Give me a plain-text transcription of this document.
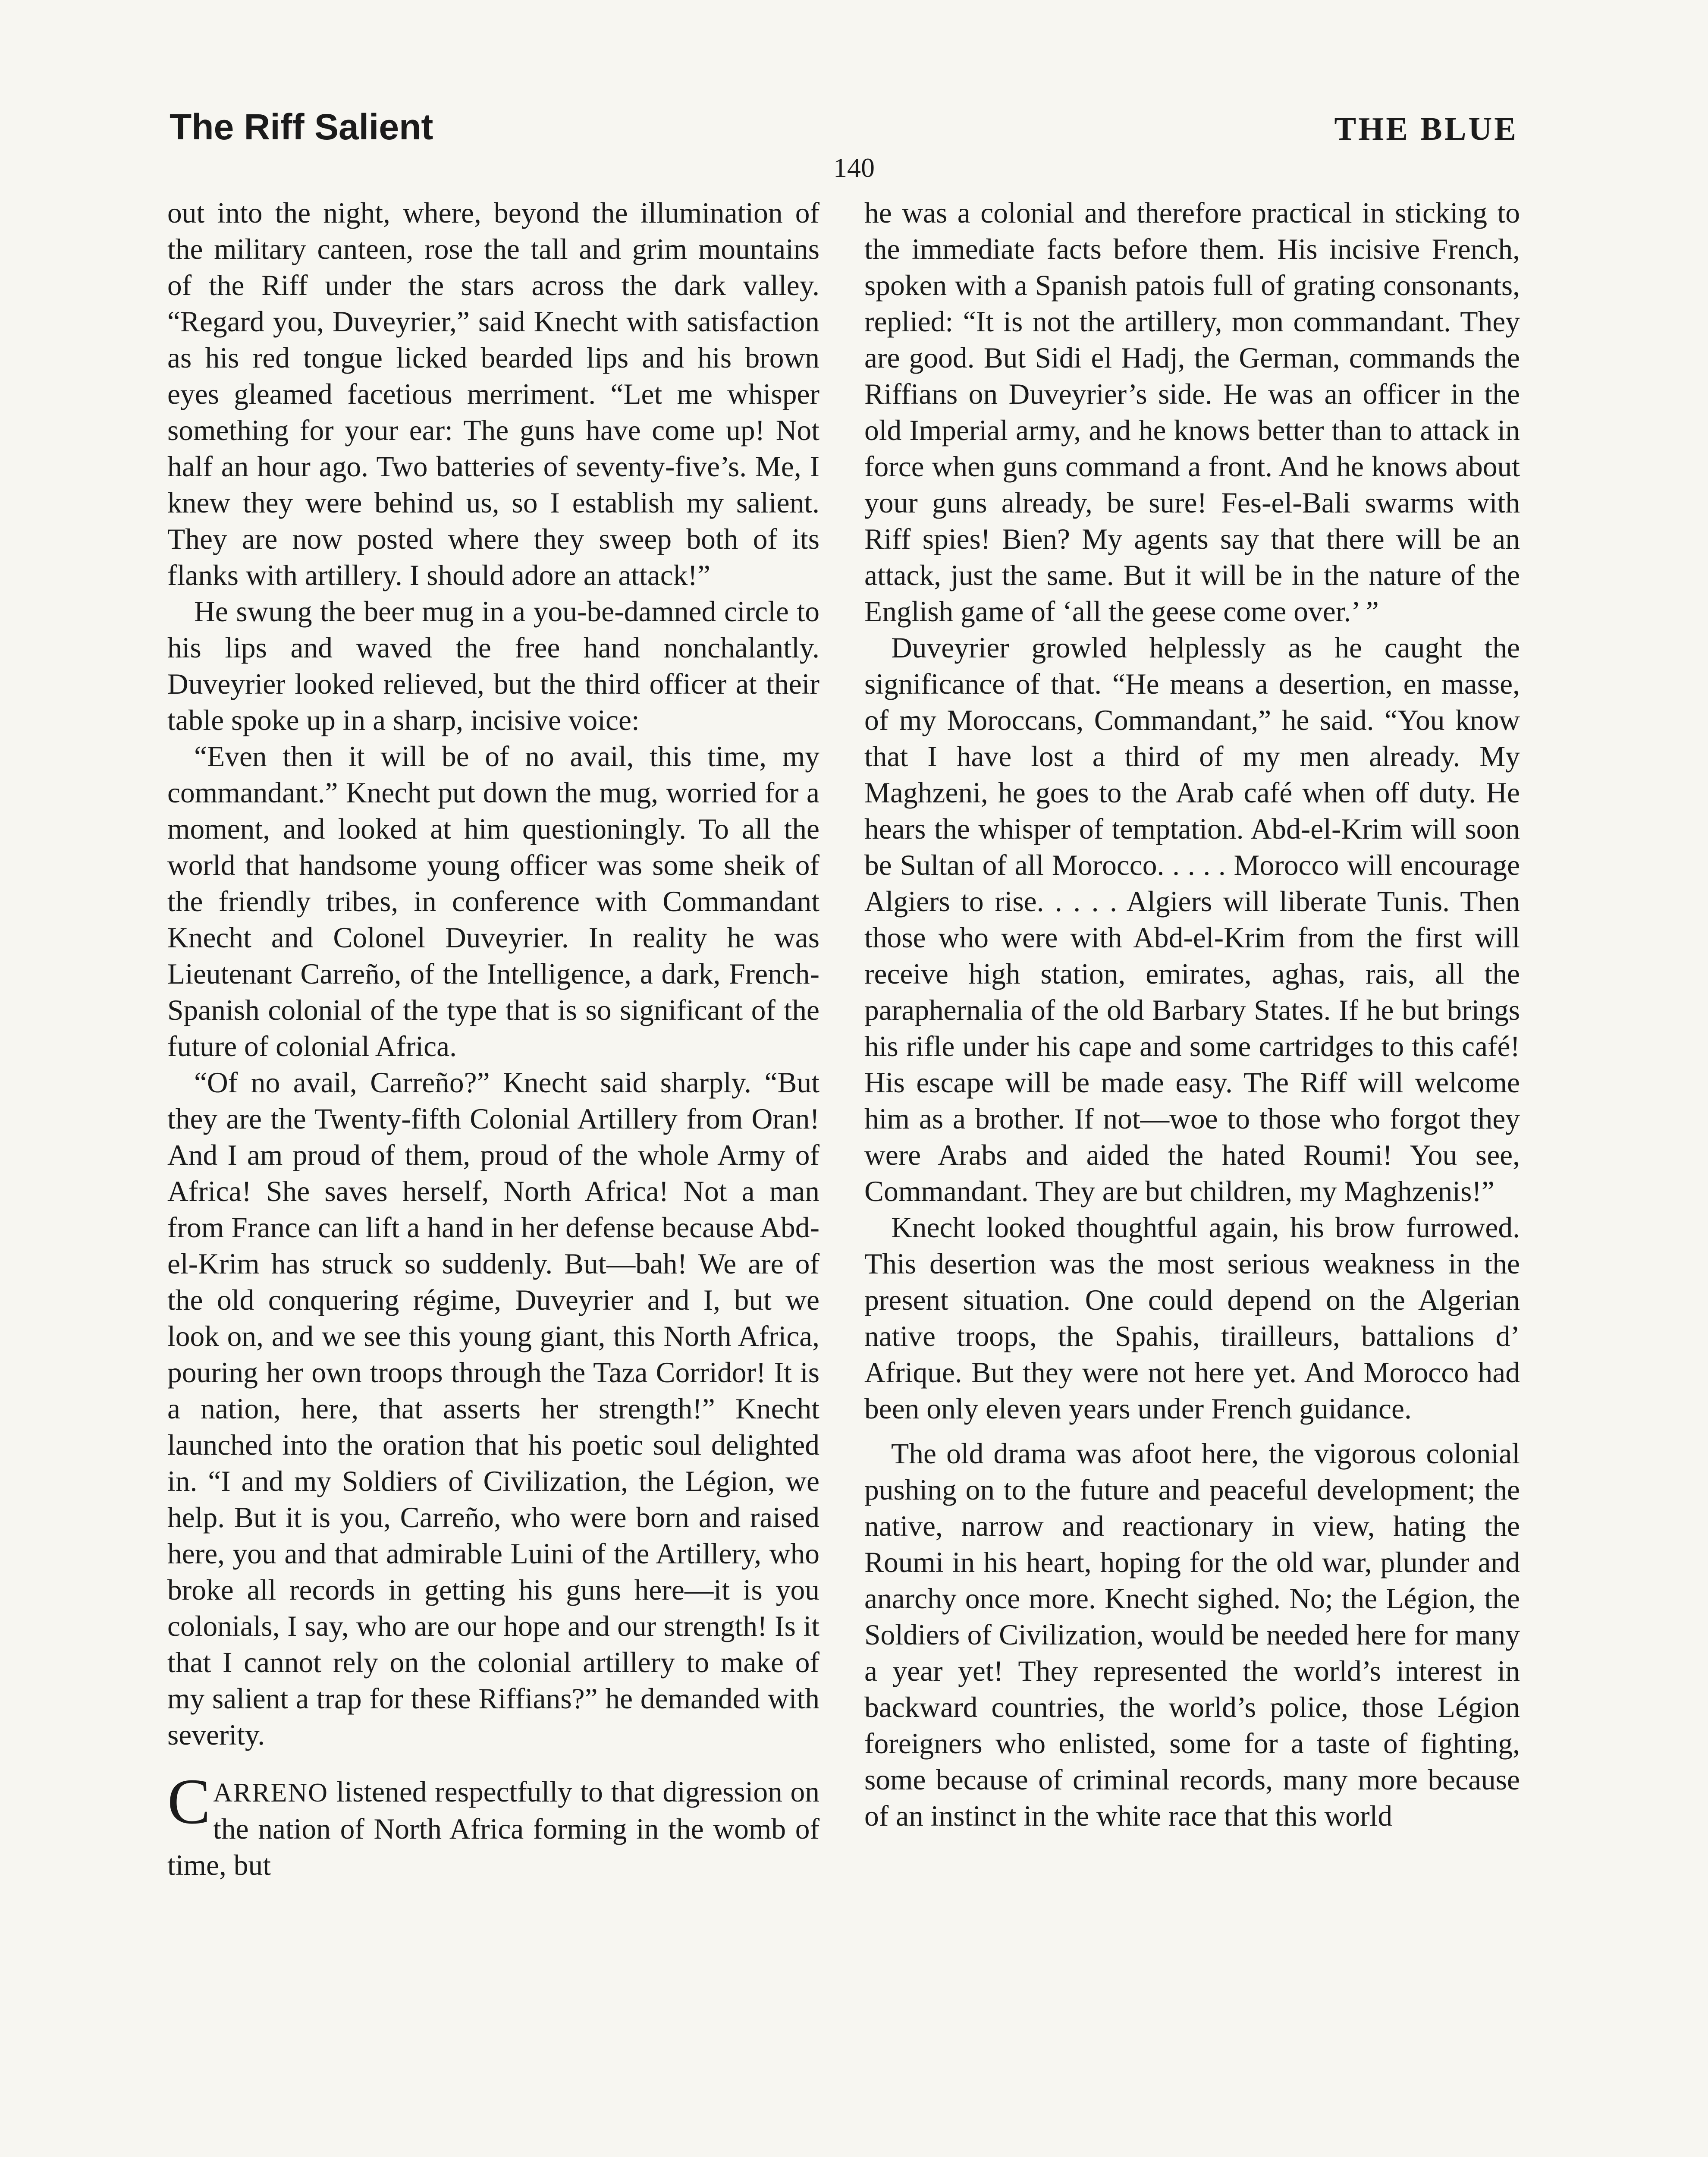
The Riff Salient	THE BLUE
140

out into the night, where, beyond the illumination of the military canteen, rose the tall and grim mountains of the Riff under the stars across the dark valley. “Regard you, Duveyrier,” said Knecht with satisfaction as his red tongue licked bearded lips and his brown eyes gleamed facetious merriment. “Let me whisper something for your ear: The guns have come up! Not half an hour ago. Two batteries of seventy-five’s. Me, I knew they were behind us, so I establish my salient. They are now posted where they sweep both of its flanks with artillery. I should adore an attack!”

He swung the beer mug in a you-be-damned circle to his lips and waved the free hand nonchalantly. Duveyrier looked relieved, but the third officer at their table spoke up in a sharp, incisive voice:

“Even then it will be of no avail, this time, my commandant.” Knecht put down the mug, worried for a moment, and looked at him questioningly. To all the world that handsome young officer was some sheik of the friendly tribes, in conference with Commandant Knecht and Colonel Duveyrier. In reality he was Lieutenant Carreño, of the Intelligence, a dark, French-Spanish colonial of the type that is so significant of the future of colonial Africa.

“Of no avail, Carreño?” Knecht said sharply. “But they are the Twenty-fifth Colonial Artillery from Oran! And I am proud of them, proud of the whole Army of Africa! She saves herself, North Africa! Not a man from France can lift a hand in her defense because Abd-el-Krim has struck so suddenly. But—bah! We are of the old conquering régime, Duveyrier and I, but we look on, and we see this young giant, this North Africa, pouring her own troops through the Taza Corridor! It is a nation, here, that asserts her strength!” Knecht launched into the oration that his poetic soul delighted in. “I and my Soldiers of Civilization, the Légion, we help. But it is you, Carreño, who were born and raised here, you and that admirable Luini of the Artillery, who broke all records in getting his guns here—it is you colonials, I say, who are our hope and our strength! Is it that I cannot rely on the colonial artillery to make of my salient a trap for these Riffians?” he demanded with severity.

CARRENO listened respectfully to that digression on the nation of North Africa forming in the womb of time, but

he was a colonial and therefore practical in sticking to the immediate facts before them. His incisive French, spoken with a Spanish patois full of grating consonants, replied: “It is not the artillery, mon commandant. They are good. But Sidi el Hadj, the German, commands the Riffians on Duveyrier’s side. He was an officer in the old Imperial army, and he knows better than to attack in force when guns command a front. And he knows about your guns already, be sure! Fes-el-Bali swarms with Riff spies! Bien? My agents say that there will be an attack, just the same. But it will be in the nature of the English game of ‘all the geese come over.’ ”

Duveyrier growled helplessly as he caught the significance of that. “He means a desertion, en masse, of my Moroccans, Commandant,” he said. “You know that I have lost a third of my men already. My Maghzeni, he goes to the Arab café when off duty. He hears the whisper of temptation. Abd-el-Krim will soon be Sultan of all Morocco. . . . . Morocco will encourage Algiers to rise. . . . . Algiers will liberate Tunis. Then those who were with Abd-el-Krim from the first will receive high station, emirates, aghas, rais, all the paraphernalia of the old Barbary States. If he but brings his rifle under his cape and some cartridges to this café! His escape will be made easy. The Riff will welcome him as a brother. If not—woe to those who forgot they were Arabs and aided the hated Roumi! You see, Commandant. They are but children, my Maghzenis!”

Knecht looked thoughtful again, his brow furrowed. This desertion was the most serious weakness in the present situation. One could depend on the Algerian native troops, the Spahis, tirailleurs, battalions d’ Afrique. But they were not here yet. And Morocco had been only eleven years under French guidance.

The old drama was afoot here, the vigorous colonial pushing on to the future and peaceful development; the native, narrow and reactionary in view, hating the Roumi in his heart, hoping for the old war, plunder and anarchy once more. Knecht sighed. No; the Légion, the Soldiers of Civilization, would be needed here for many a year yet! They represented the world’s interest in backward countries, the world’s police, those Légion foreigners who enlisted, some for a taste of fighting, some because of criminal records, many more because of an instinct in the white race that this world
